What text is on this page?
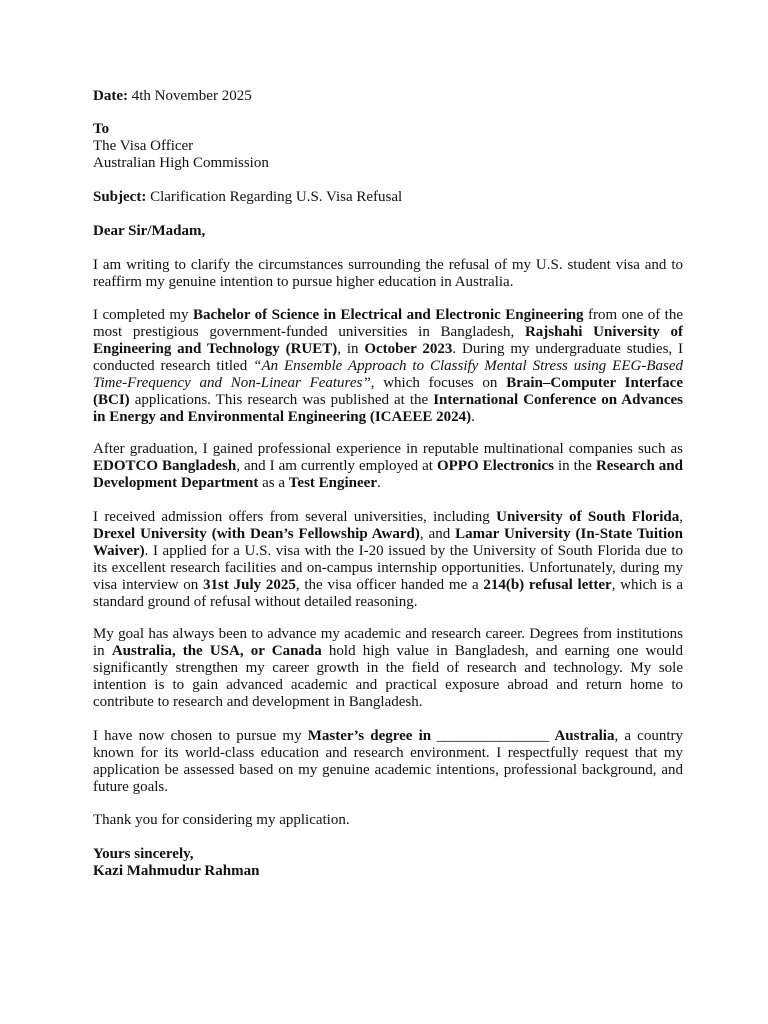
Date: 4th November 2025
To
The Visa Officer
Australian High Commission
Subject: Clarification Regarding U.S. Visa Refusal
Dear Sir/Madam,

I am writing to clarify the circumstances surrounding the refusal of my U.S. student visa and to reaffirm my genuine intention to pursue higher education in Australia.

I completed my Bachelor of Science in Electrical and Electronic Engineering from one of the most prestigious government-funded universities in Bangladesh, Rajshahi University of Engineering and Technology (RUET), in October 2023. During my undergraduate studies, I conducted research titled “An Ensemble Approach to Classify Mental Stress using EEG-Based Time-Frequency and Non-Linear Features”, which focuses on Brain–Computer Interface (BCI) applications. This research was published at the International Conference on Advances in Energy and Environmental Engineering (ICAEEE 2024).

After graduation, I gained professional experience in reputable multinational companies such as EDOTCO Bangladesh, and I am currently employed at OPPO Electronics in the Research and Development Department as a Test Engineer.

I received admission offers from several universities, including University of South Florida, Drexel University (with Dean’s Fellowship Award), and Lamar University (In-State Tuition Waiver). I applied for a U.S. visa with the I-20 issued by the University of South Florida due to its excellent research facilities and on-campus internship opportunities. Unfortunately, during my visa interview on 31st July 2025, the visa officer handed me a 214(b) refusal letter, which is a standard ground of refusal without detailed reasoning.

My goal has always been to advance my academic and research career. Degrees from institutions in Australia, the USA, or Canada hold high value in Bangladesh, and earning one would significantly strengthen my career growth in the field of research and technology. My sole intention is to gain advanced academic and practical exposure abroad and return home to contribute to research and development in Bangladesh.

I have now chosen to pursue my Master’s degree in ________________ Australia, a country known for its world-class education and research environment. I respectfully request that my application be assessed based on my genuine academic intentions, professional background, and future goals.

Thank you for considering my application.

Yours sincerely,
Kazi Mahmudur Rahman
